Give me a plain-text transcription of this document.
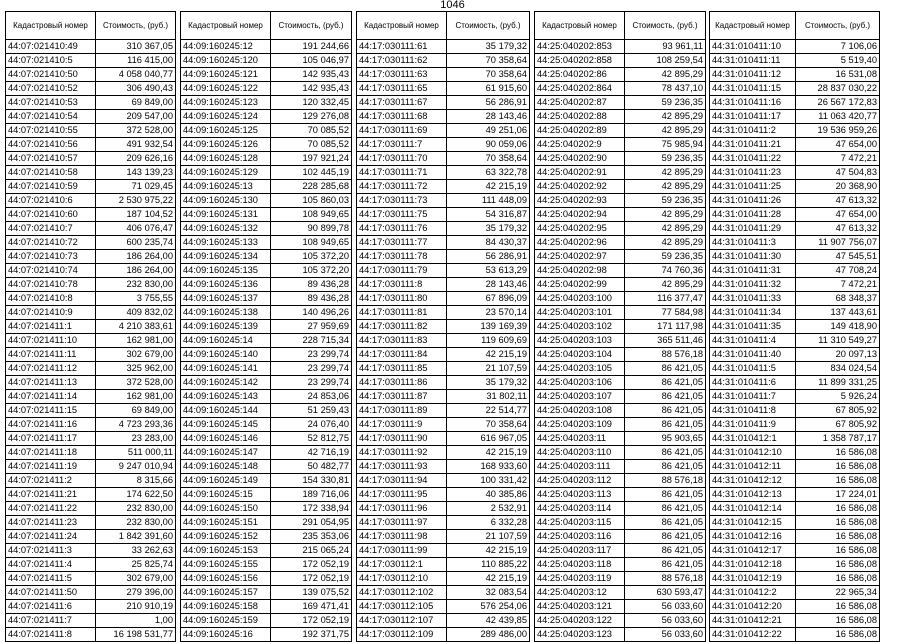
1046
Кадастровый номер	Стоимость, (руб.)
44:07:021410:49	310 367,05
44:07:021410:5	116 415,00
44:07:021410:50	4 058 040,77
44:07:021410:52	306 490,43
44:07:021410:53	69 849,00
44:07:021410:54	209 547,00
44:07:021410:55	372 528,00
44:07:021410:56	491 932,54
44:07:021410:57	209 626,16
44:07:021410:58	143 139,23
44:07:021410:59	71 029,45
44:07:021410:6	2 530 975,22
44:07:021410:60	187 104,52
44:07:021410:7	406 076,47
44:07:021410:72	600 235,74
44:07:021410:73	186 264,00
44:07:021410:74	186 264,00
44:07:021410:78	232 830,00
44:07:021410:8	3 755,55
44:07:021410:9	409 832,02
44:07:021411:1	4 210 383,61
44:07:021411:10	162 981,00
44:07:021411:11	302 679,00
44:07:021411:12	325 962,00
44:07:021411:13	372 528,00
44:07:021411:14	162 981,00
44:07:021411:15	69 849,00
44:07:021411:16	4 723 293,36
44:07:021411:17	23 283,00
44:07:021411:18	511 000,11
44:07:021411:19	9 247 010,94
44:07:021411:2	8 315,66
44:07:021411:21	174 622,50
44:07:021411:22	232 830,00
44:07:021411:23	232 830,00
44:07:021411:24	1 842 391,60
44:07:021411:3	33 262,63
44:07:021411:4	25 825,74
44:07:021411:5	302 679,00
44:07:021411:50	279 396,00
44:07:021411:6	210 910,19
44:07:021411:7	1,00
44:07:021411:8	16 198 531,77
Кадастровый номер	Стоимость, (руб.)
44:09:160245:12	191 244,66
44:09:160245:120	105 046,97
44:09:160245:121	142 935,43
44:09:160245:122	142 935,43
44:09:160245:123	120 332,45
44:09:160245:124	129 276,08
44:09:160245:125	70 085,52
44:09:160245:126	70 085,52
44:09:160245:128	197 921,24
44:09:160245:129	102 445,19
44:09:160245:13	228 285,68
44:09:160245:130	105 860,03
44:09:160245:131	108 949,65
44:09:160245:132	90 899,78
44:09:160245:133	108 949,65
44:09:160245:134	105 372,20
44:09:160245:135	105 372,20
44:09:160245:136	89 436,28
44:09:160245:137	89 436,28
44:09:160245:138	140 496,26
44:09:160245:139	27 959,69
44:09:160245:14	228 715,34
44:09:160245:140	23 299,74
44:09:160245:141	23 299,74
44:09:160245:142	23 299,74
44:09:160245:143	24 853,06
44:09:160245:144	51 259,43
44:09:160245:145	24 076,40
44:09:160245:146	52 812,75
44:09:160245:147	42 716,19
44:09:160245:148	50 482,77
44:09:160245:149	154 330,81
44:09:160245:15	189 716,06
44:09:160245:150	172 338,94
44:09:160245:151	291 054,95
44:09:160245:152	235 353,06
44:09:160245:153	215 065,24
44:09:160245:155	172 052,19
44:09:160245:156	172 052,19
44:09:160245:157	139 075,52
44:09:160245:158	169 471,41
44:09:160245:159	172 052,19
44:09:160245:16	192 371,75
Кадастровый номер	Стоимость, (руб.)
44:17:030111:61	35 179,32
44:17:030111:62	70 358,64
44:17:030111:63	70 358,64
44:17:030111:65	61 915,60
44:17:030111:67	56 286,91
44:17:030111:68	28 143,46
44:17:030111:69	49 251,06
44:17:030111:7	90 059,06
44:17:030111:70	70 358,64
44:17:030111:71	63 322,78
44:17:030111:72	42 215,19
44:17:030111:73	111 448,09
44:17:030111:75	54 316,87
44:17:030111:76	35 179,32
44:17:030111:77	84 430,37
44:17:030111:78	56 286,91
44:17:030111:79	53 613,29
44:17:030111:8	28 143,46
44:17:030111:80	67 896,09
44:17:030111:81	23 570,14
44:17:030111:82	139 169,39
44:17:030111:83	119 609,69
44:17:030111:84	42 215,19
44:17:030111:85	21 107,59
44:17:030111:86	35 179,32
44:17:030111:87	31 802,11
44:17:030111:89	22 514,77
44:17:030111:9	70 358,64
44:17:030111:90	616 967,05
44:17:030111:92	42 215,19
44:17:030111:93	168 933,60
44:17:030111:94	100 331,42
44:17:030111:95	40 385,86
44:17:030111:96	2 532,91
44:17:030111:97	6 332,28
44:17:030111:98	21 107,59
44:17:030111:99	42 215,19
44:17:030112:1	110 885,22
44:17:030112:10	42 215,19
44:17:030112:102	32 083,54
44:17:030112:105	576 254,06
44:17:030112:107	42 439,85
44:17:030112:109	289 486,00
Кадастровый номер	Стоимость, (руб.)
44:25:040202:853	93 961,11
44:25:040202:858	108 259,54
44:25:040202:86	42 895,29
44:25:040202:864	78 437,10
44:25:040202:87	59 236,35
44:25:040202:88	42 895,29
44:25:040202:89	42 895,29
44:25:040202:9	75 985,94
44:25:040202:90	59 236,35
44:25:040202:91	42 895,29
44:25:040202:92	42 895,29
44:25:040202:93	59 236,35
44:25:040202:94	42 895,29
44:25:040202:95	42 895,29
44:25:040202:96	42 895,29
44:25:040202:97	59 236,35
44:25:040202:98	74 760,36
44:25:040202:99	42 895,29
44:25:040203:100	116 377,47
44:25:040203:101	77 584,98
44:25:040203:102	171 117,98
44:25:040203:103	365 511,46
44:25:040203:104	88 576,18
44:25:040203:105	86 421,05
44:25:040203:106	86 421,05
44:25:040203:107	86 421,05
44:25:040203:108	86 421,05
44:25:040203:109	86 421,05
44:25:040203:11	95 903,65
44:25:040203:110	86 421,05
44:25:040203:111	86 421,05
44:25:040203:112	88 576,18
44:25:040203:113	86 421,05
44:25:040203:114	86 421,05
44:25:040203:115	86 421,05
44:25:040203:116	86 421,05
44:25:040203:117	86 421,05
44:25:040203:118	86 421,05
44:25:040203:119	88 576,18
44:25:040203:12	630 593,47
44:25:040203:121	56 033,60
44:25:040203:122	56 033,60
44:25:040203:123	56 033,60
Кадастровый номер	Стоимость, (руб.)
44:31:010411:10	7 106,06
44:31:010411:11	5 519,40
44:31:010411:12	16 531,08
44:31:010411:15	28 837 030,22
44:31:010411:16	26 567 172,83
44:31:010411:17	11 063 420,77
44:31:010411:2	19 536 959,26
44:31:010411:21	47 654,00
44:31:010411:22	7 472,21
44:31:010411:23	47 504,83
44:31:010411:25	20 368,90
44:31:010411:26	47 613,32
44:31:010411:28	47 654,00
44:31:010411:29	47 613,32
44:31:010411:3	11 907 756,07
44:31:010411:30	47 545,51
44:31:010411:31	47 708,24
44:31:010411:32	7 472,21
44:31:010411:33	68 348,37
44:31:010411:34	137 443,61
44:31:010411:35	149 418,90
44:31:010411:4	11 310 549,27
44:31:010411:40	20 097,13
44:31:010411:5	834 024,54
44:31:010411:6	11 899 331,25
44:31:010411:7	5 926,24
44:31:010411:8	67 805,92
44:31:010411:9	67 805,92
44:31:010412:1	1 358 787,17
44:31:010412:10	16 586,08
44:31:010412:11	16 586,08
44:31:010412:12	16 586,08
44:31:010412:13	17 224,01
44:31:010412:14	16 586,08
44:31:010412:15	16 586,08
44:31:010412:16	16 586,08
44:31:010412:17	16 586,08
44:31:010412:18	16 586,08
44:31:010412:19	16 586,08
44:31:010412:2	22 965,34
44:31:010412:20	16 586,08
44:31:010412:21	16 586,08
44:31:010412:22	16 586,08
